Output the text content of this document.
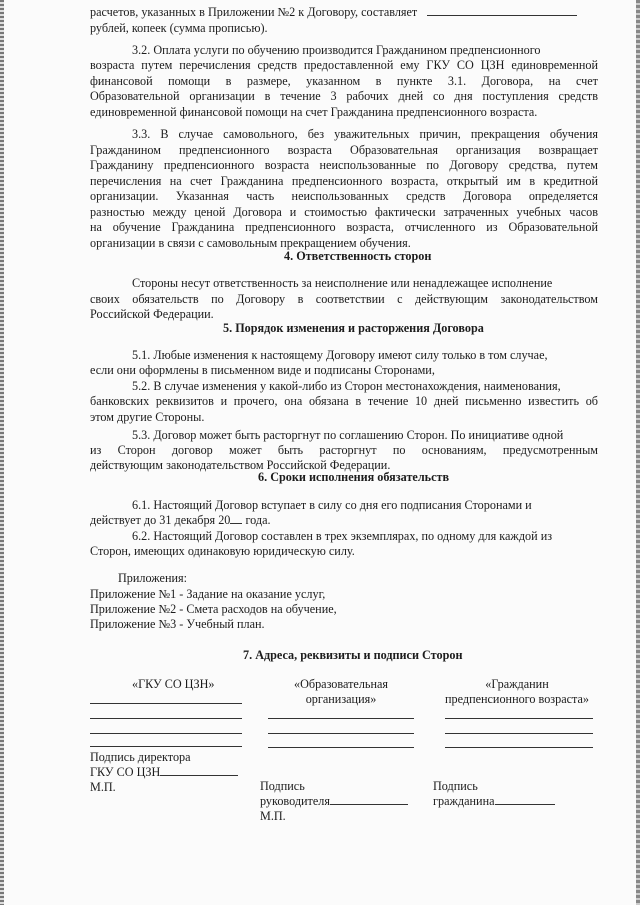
расчетов, указанных в Приложении №2 к Договору, составляет
рублей, копеек (сумма прописью).
3.2. Оплата услуги по обучению производится Гражданином предпенсионного
возраста путем перечисления средств предоставленной ему ГКУ СО ЦЗН единовременной
финансовой помощи в размере, указанном в пункте 3.1. Договора, на счет
Образовательной организации в течение 3 рабочих дней со дня поступления средств
единовременной финансовой помощи на счет Гражданина предпенсионного возраста.
3.3. В случае самовольного, без уважительных причин, прекращения обучения
Гражданином предпенсионного возраста Образовательная организация возвращает
Гражданину предпенсионного возраста неиспользованные по Договору средства, путем
перечисления на счет Гражданина предпенсионного возраста, открытый им в кредитной
организации. Указанная часть неиспользованных средств Договора определяется
разностью между ценой Договора и стоимостью фактически затраченных учебных часов
на обучение Гражданина предпенсионного возраста, отчисленного из Образовательной
организации в связи с самовольным прекращением обучения.
4. Ответственность сторон
Стороны несут ответственность за неисполнение или ненадлежащее исполнение
своих обязательств по Договору в соответствии с действующим законодательством
Российской Федерации.
5. Порядок изменения и расторжения Договора
5.1. Любые изменения к настоящему Договору имеют силу только в том случае,
если они оформлены в письменном виде и подписаны Сторонами,
5.2. В случае изменения у какой-либо из Сторон местонахождения, наименования,
банковских реквизитов и прочего, она обязана в течение 10 дней письменно известить об
этом другие Стороны.
5.3. Договор может быть расторгнут по соглашению Сторон. По инициативе одной
из Сторон договор может быть расторгнут по основаниям, предусмотренным
действующим законодательством Российской Федерации.
6. Сроки исполнения обязательств
6.1. Настоящий Договор вступает в силу со дня его подписания Сторонами и
действует до 31 декабря 20 года.
6.2. Настоящий Договор составлен в трех экземплярах, по одному для каждой из
Сторон, имеющих одинаковую юридическую силу.
Приложения:
Приложение №1 - Задание на оказание услуг,
Приложение №2 - Смета расходов на обучение,
Приложение №3 - Учебный план.
7. Адреса, реквизиты и подписи Сторон
«ГКУ СО ЦЗН»
Подпись директора
ГКУ СО ЦЗН
М.П.
«Образовательная
организация»
Подпись
руководителя
М.П.
«Гражданин
предпенсионного возраста»
Подпись
гражданина
